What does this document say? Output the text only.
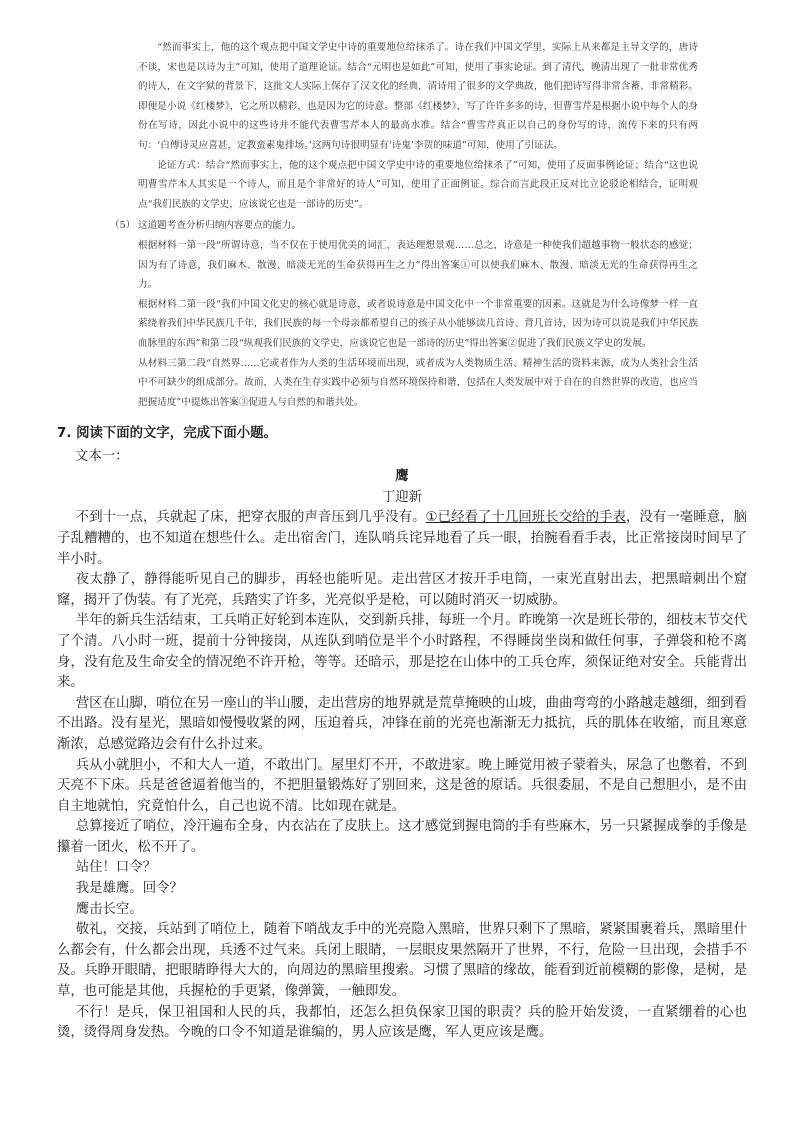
“然而事实上，他的这个观点把中国文学史中诗的重要地位给抹杀了。诗在我们中国文学里，实际上从来都是主导文学的，唐诗不谈，宋也是以诗为主”可知，使用了道理论证。结合“元明也是如此”可知，使用了事实论证。到了清代，晚清出现了一批非常优秀的诗人，在文字狱的背景下，这批文人实际上保存了汉文化的经典，清诗用了很多的文学典故，他们把诗写得非常含蓄、非常精彩。即便是小说《红楼梦》，它之所以精彩，也是因为它的诗意。整部《红楼梦》，写了许许多多的诗，但曹雪芹是根据小说中每个人的身份在写诗，因此小说中的这些诗并不能代表曹雪芹本人的最高水准。结合“曹雪芹真正以自己的身份写的诗，流传下来的只有两句：‘白傅诗灵应喜甚，定教蛮素鬼排场。’这两句诗很明显有‘诗鬼’李贺的味道”可知，使用了引证法。

论证方式：结合“然而事实上，他的这个观点把中国文学史中诗的重要地位给抹杀了”可知，使用了反面事例论证；结合“这也说明曹雪芹本人其实是一个诗人，而且是个非常好的诗人”可知，使用了正面例证。综合而言此段正反对比立论驳论相结合，证明观点“我们民族的文学史，应该说它也是一部诗的历史”。

（5） 这道题考查分析归纳内容要点的能力。

根据材料一第一段“所谓诗意，当不仅在于使用优美的词汇，表达理想景观……总之，诗意是一种使我们超越事物一般状态的感觉；因为有了诗意，我们麻木、散漫、暗淡无光的生命获得再生之力”得出答案①可以使我们麻木、散漫、暗淡无光的生命获得再生之力。

根据材料二第一段“我们中国文化史的核心就是诗意，或者说诗意是中国文化中一个非常重要的因素。这就是为什么诗像梦一样一直萦绕着我们中华民族几千年，我们民族的每一个母亲都希望自己的孩子从小能够读几首诗、背几首诗，因为诗可以说是我们中华民族血脉里的东西”和第二段“纵观我们民族的文学史，应该说它也是一部诗的历史”得出答案②促进了我们民族文学史的发展。

从材料三第二段“自然界……它或者作为人类的生活环境而出现，或者成为人类物质生活、精神生活的资料来源，成为人类社会生活中不可缺少的组成部分。故而，人类在生存实践中必须与自然环境保持和谐，包括在人类发展中对于自在的自然世界的改造，也应当把握适度”中提炼出答案③促进人与自然的和谐共处。

7. 阅读下面的文字，完成下面小题。

文本一：

鹰

丁迎新

不到十一点，兵就起了床，把穿衣服的声音压到几乎没有。①已经看了十几回班长交给的手表，没有一毫睡意，脑子乱糟糟的，也不知道在想些什么。走出宿舍门，连队哨兵诧异地看了兵一眼，抬腕看看手表，比正常接岗时间早了半小时。

夜太静了，静得能听见自己的脚步，再轻也能听见。走出营区才按开手电筒，一束光直射出去，把黑暗刺出个窟窿，揭开了伪装。有了光亮，兵踏实了许多，光亮似乎是枪，可以随时消灭一切威胁。

半年的新兵生活结束，工兵哨正好轮到本连队，交到新兵排，每班一个月。昨晚第一次是班长带的，细枝末节交代了个清。八小时一班，提前十分钟接岗，从连队到哨位是半个小时路程，不得睡岗坐岗和做任何事，子弹袋和枪不离身，没有危及生命安全的情况绝不许开枪，等等。还暗示，那是挖在山体中的工兵仓库，须保证绝对安全。兵能背出来。

营区在山脚，哨位在另一座山的半山腰，走出营房的地界就是荒草掩映的山坡，曲曲弯弯的小路越走越细，细到看不出路。没有星光，黑暗如慢慢收紧的网，压迫着兵，冲锋在前的光亮也渐渐无力抵抗，兵的肌体在收缩，而且寒意渐浓，总感觉路边会有什么扑过来。

兵从小就胆小，不和大人一道，不敢出门。屋里灯不开，不敢进家。晚上睡觉用被子蒙着头，尿急了也憋着，不到天亮不下床。兵是爸爸逼着他当的，不把胆量锻炼好了别回来，这是爸的原话。兵很委屈，不是自己想胆小，是不由自主地就怕，究竟怕什么，自己也说不清。比如现在就是。

总算接近了哨位，冷汗遍布全身，内衣沾在了皮肤上。这才感觉到握电筒的手有些麻木，另一只紧握成拳的手像是攥着一团火，松不开了。

站住！口令？

我是雄鹰。回令？

鹰击长空。

敬礼，交接，兵站到了哨位上，随着下哨战友手中的光亮隐入黑暗，世界只剩下了黑暗，紧紧围裹着兵，黑暗里什么都会有，什么都会出现，兵透不过气来。兵闭上眼睛，一层眼皮果然隔开了世界，不行，危险一旦出现，会措手不及。兵睁开眼睛，把眼睛睁得大大的，向周边的黑暗里搜索。习惯了黑暗的缘故，能看到近前模糊的影像，是树，是草，也可能是其他，兵握枪的手更紧，像弹簧，一触即发。

不行！是兵，保卫祖国和人民的兵，我都怕，还怎么担负保家卫国的职责？兵的脸开始发烫，一直紧绷着的心也烫，烫得周身发热。今晚的口令不知道是谁编的，男人应该是鹰，军人更应该是鹰。
